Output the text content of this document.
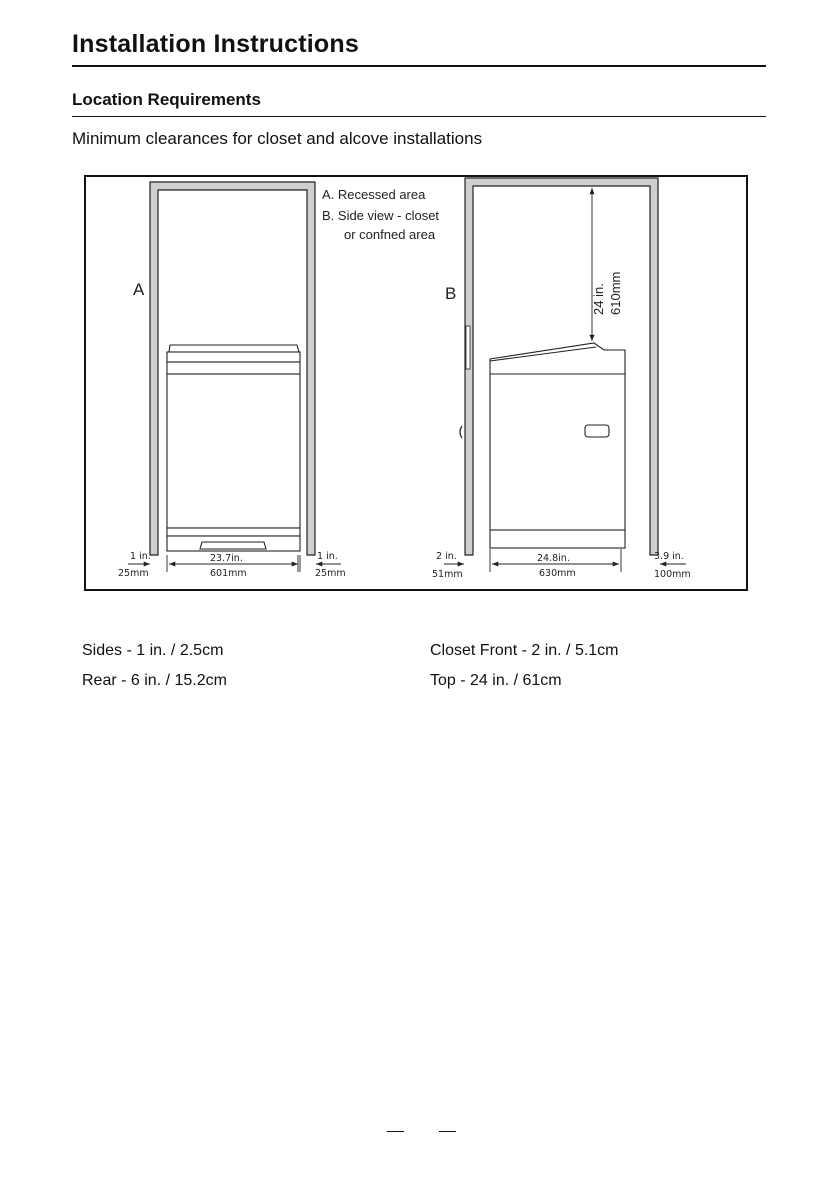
Installation Instructions
Location Requirements

Minimum clearances for closet and alcove installations

A
1 in.
25mm
23.7in.
601mm
1 in.
25mm
A. Recessed area
B. Side view - closet
or confned area
B	24 in. 610mm
2 in.
51mm
24.8in.
630mm
3.9 in.
100mm

Sides - 1 in. / 2.5cm

Rear - 6 in. / 15.2cm

Closet Front - 2 in. / 5.1cm

Top - 24 in. / 61cm
